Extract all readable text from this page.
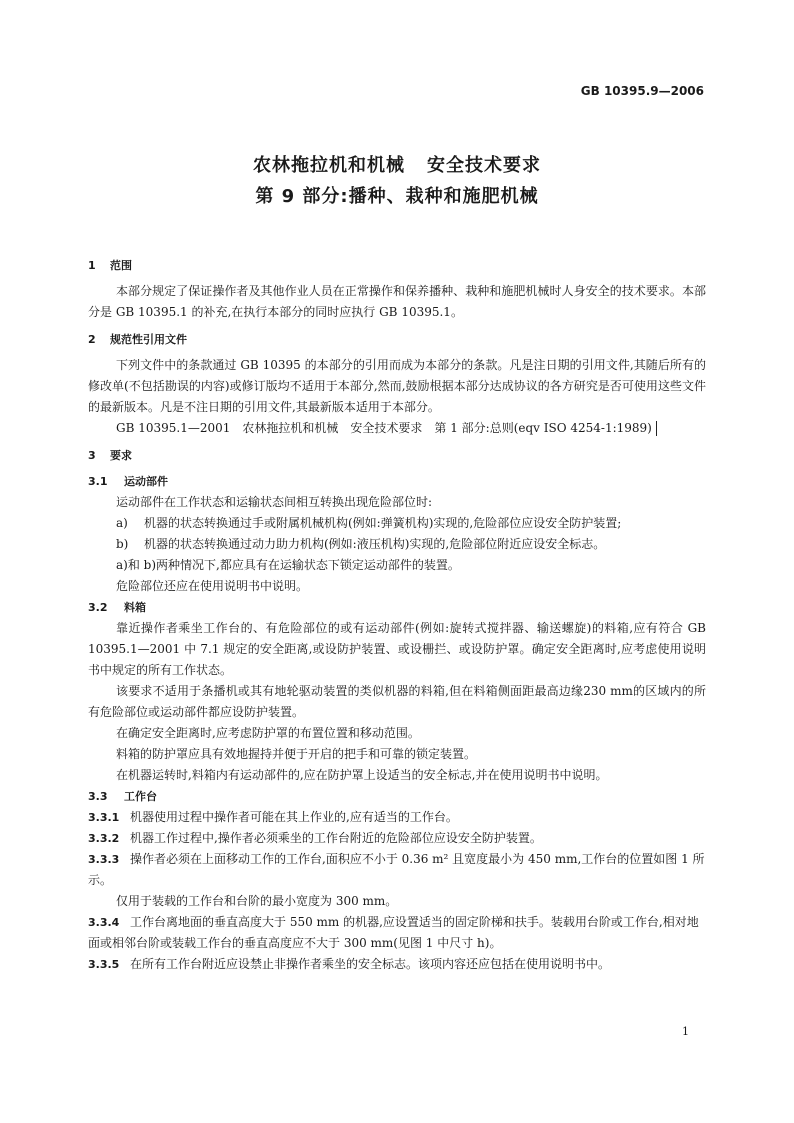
GB 10395.9—2006
农林拖拉机和机械 安全技术要求
第 9 部分:播种、栽种和施肥机械
1 范围
本部分规定了保证操作者及其他作业人员在正常操作和保养播种、栽种和施肥机械时人身安全的技术要求。本部分是 GB 10395.1 的补充,在执行本部分的同时应执行 GB 10395.1。
2 规范性引用文件
下列文件中的条款通过 GB 10395 的本部分的引用而成为本部分的条款。凡是注日期的引用文件,其随后所有的修改单(不包括勘误的内容)或修订版均不适用于本部分,然而,鼓励根据本部分达成协议的各方研究是否可使用这些文件的最新版本。凡是不注日期的引用文件,其最新版本适用于本部分。
GB 10395.1—2001　农林拖拉机和机械　安全技术要求　第 1 部分:总则(eqv ISO 4254-1:1989)
3 要求
3.1 运动部件
运动部件在工作状态和运输状态间相互转换出现危险部位时:
a) 机器的状态转换通过手或附属机械机构(例如:弹簧机构)实现的,危险部位应设安全防护装置;
b) 机器的状态转换通过动力助力机构(例如:液压机构)实现的,危险部位附近应设安全标志。
a)和 b)两种情况下,都应具有在运输状态下锁定运动部件的装置。
危险部位还应在使用说明书中说明。
3.2 料箱
靠近操作者乘坐工作台的、有危险部位的或有运动部件(例如:旋转式搅拌器、输送螺旋)的料箱,应有符合 GB 10395.1—2001 中 7.1 规定的安全距离,或设防护装置、或设栅拦、或设防护罩。确定安全距离时,应考虑使用说明书中规定的所有工作状态。
该要求不适用于条播机或其有地轮驱动装置的类似机器的料箱,但在料箱侧面距最高边缘230 mm的区域内的所有危险部位或运动部件都应设防护装置。
在确定安全距离时,应考虑防护罩的布置位置和移动范围。
料箱的防护罩应具有效地握持并便于开启的把手和可靠的锁定装置。
在机器运转时,料箱内有运动部件的,应在防护罩上设适当的安全标志,并在使用说明书中说明。
3.3 工作台
3.3.1 机器使用过程中操作者可能在其上作业的,应有适当的工作台。
3.3.2 机器工作过程中,操作者必须乘坐的工作台附近的危险部位应设安全防护装置。
3.3.3 操作者必须在上面移动工作的工作台,面积应不小于 0.36 m² 且宽度最小为 450 mm,工作台的位置如图 1 所示。
仅用于装载的工作台和台阶的最小宽度为 300 mm。
3.3.4 工作台离地面的垂直高度大于 550 mm 的机器,应设置适当的固定阶梯和扶手。装载用台阶或工作台,相对地面或相邻台阶或装载工作台的垂直高度应不大于 300 mm(见图 1 中尺寸 h)。
3.3.5 在所有工作台附近应设禁止非操作者乘坐的安全标志。该项内容还应包括在使用说明书中。
1
